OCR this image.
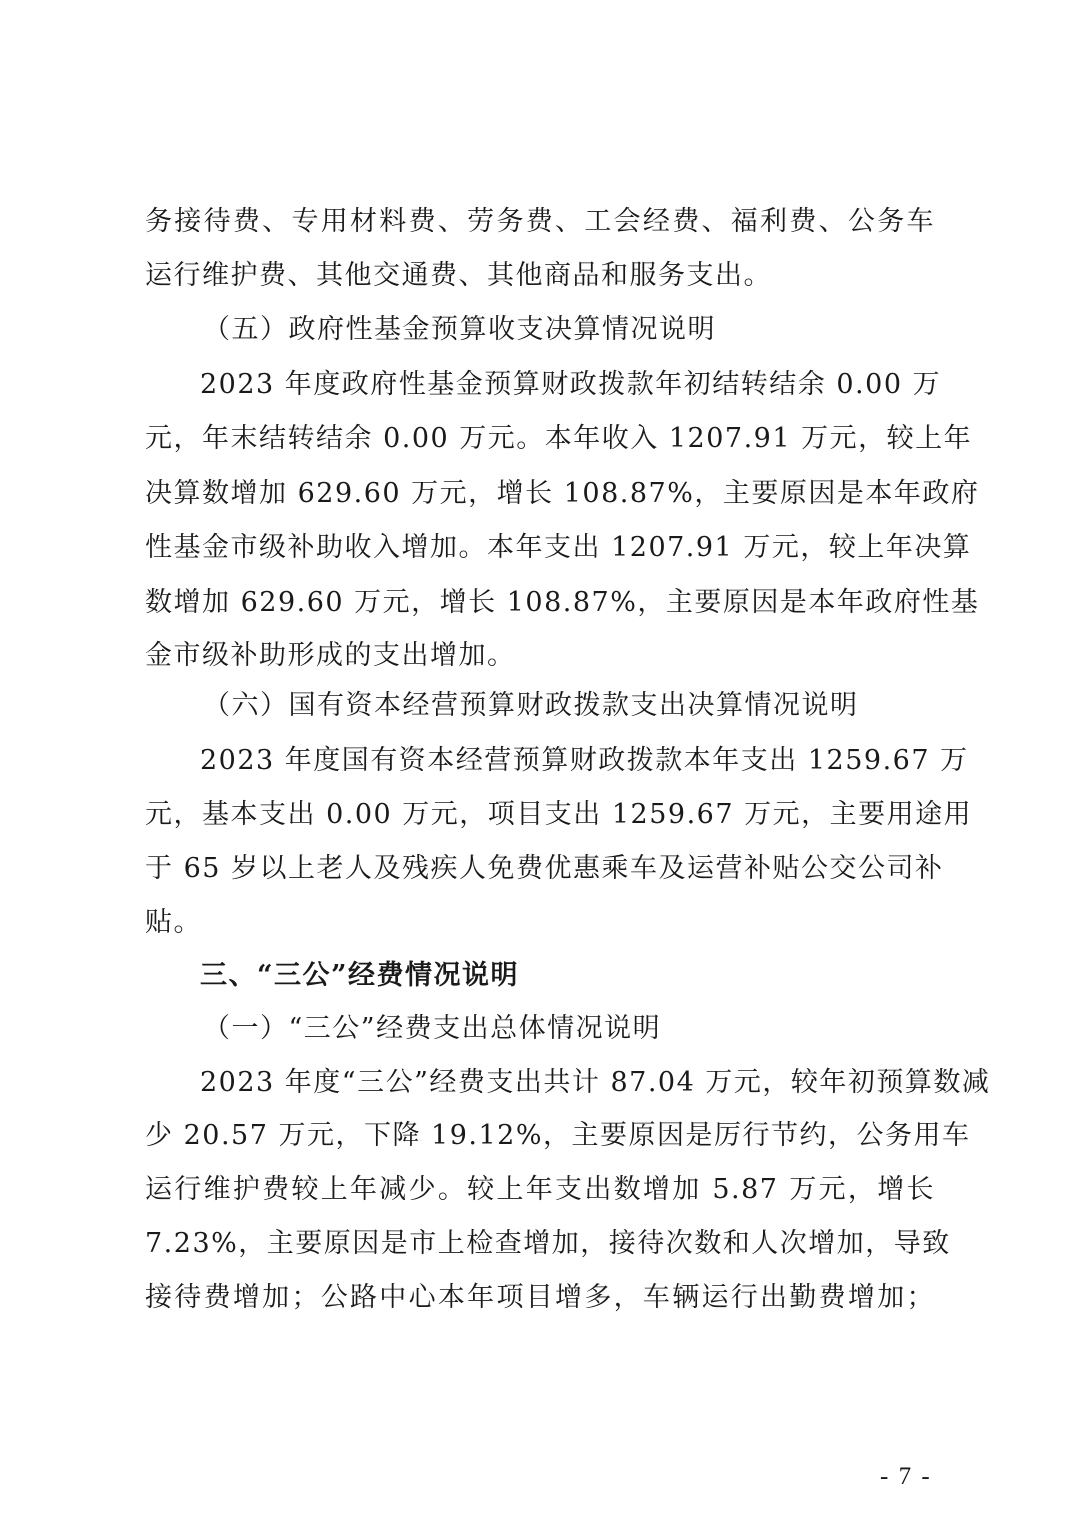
务接待费、专用材料费、劳务费、工会经费、福利费、公务车
运行维护费、其他交通费、其他商品和服务支出。
（五）政府性基金预算收支决算情况说明
2023 年度政府性基金预算财政拨款年初结转结余 0.00 万
元，年末结转结余 0.00 万元。本年收入 1207.91 万元，较上年
决算数增加 629.60 万元，增长 108.87%，主要原因是本年政府
性基金市级补助收入增加。本年支出 1207.91 万元，较上年决算
数增加 629.60 万元，增长 108.87%，主要原因是本年政府性基
金市级补助形成的支出增加。
（六）国有资本经营预算财政拨款支出决算情况说明
2023 年度国有资本经营预算财政拨款本年支出 1259.67 万
元，基本支出 0.00 万元，项目支出 1259.67 万元，主要用途用
于 65 岁以上老人及残疾人免费优惠乘车及运营补贴公交公司补
贴。
三、“三公”经费情况说明
（一）“三公”经费支出总体情况说明
2023 年度“三公”经费支出共计 87.04 万元，较年初预算数减
少 20.57 万元，下降 19.12%，主要原因是厉行节约，公务用车
运行维护费较上年减少。较上年支出数增加 5.87 万元，增长
7.23%，主要原因是市上检查增加，接待次数和人次增加，导致
接待费增加；公路中心本年项目增多，车辆运行出勤费增加；
- 7 -
